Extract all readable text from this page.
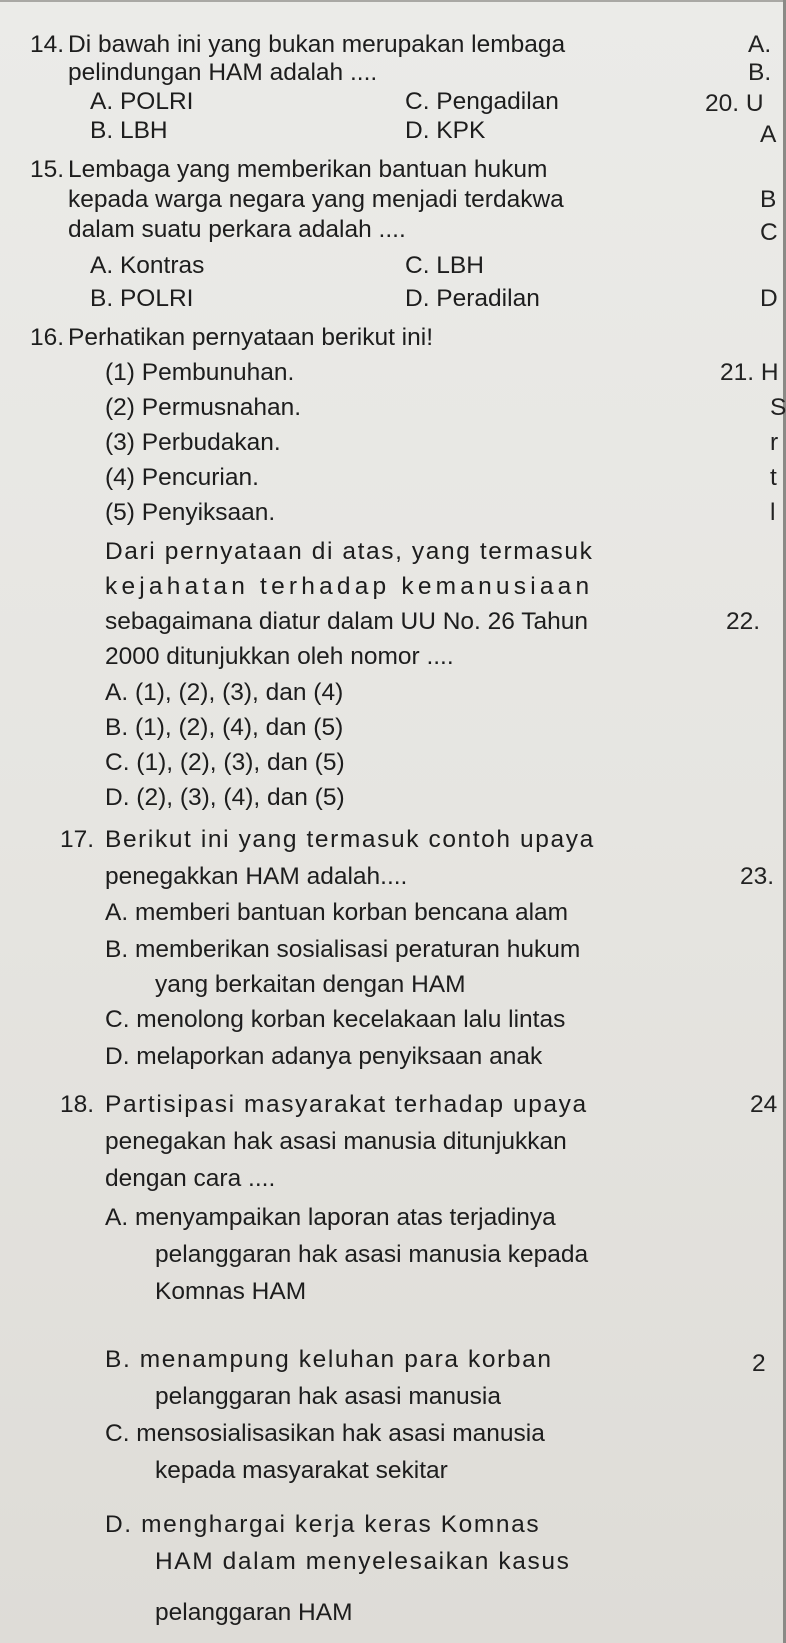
14. Di bawah ini yang bukan merupakan lembaga
pelindungan HAM adalah ....
A. POLRI
B. LBH
C. Pengadilan
D. KPK
15. Lembaga yang memberikan bantuan hukum
kepada warga negara yang menjadi terdakwa
dalam suatu perkara adalah ....
A. Kontras
B. POLRI
C. LBH
D. Peradilan
16. Perhatikan pernyataan berikut ini!
(1) Pembunuhan.
(2) Permusnahan.
(3) Perbudakan.
(4) Pencurian.
(5) Penyiksaan.
Dari pernyataan di atas, yang termasuk
kejahatan terhadap kemanusiaan
sebagaimana diatur dalam UU No. 26 Tahun
2000 ditunjukkan oleh nomor ....
A. (1), (2), (3), dan (4)
B. (1), (2), (4), dan (5)
C. (1), (2), (3), dan (5)
D. (2), (3), (4), dan (5)
17. Berikut ini yang termasuk contoh upaya
penegakkan HAM adalah....
A. memberi bantuan korban bencana alam
B. memberikan sosialisasi peraturan hukum
yang berkaitan dengan HAM
C. menolong korban kecelakaan lalu lintas
D. melaporkan adanya penyiksaan anak
18. Partisipasi masyarakat terhadap upaya
penegakan hak asasi manusia ditunjukkan
dengan cara ....
A. menyampaikan laporan atas terjadinya
pelanggaran hak asasi manusia kepada
Komnas HAM
B. menampung keluhan para korban
pelanggaran hak asasi manusia
C. mensosialisasikan hak asasi manusia
kepada masyarakat sekitar
D. menghargai kerja keras Komnas
HAM dalam menyelesaikan kasus
pelanggaran HAM
A.
B.
20. U
A
B
C
D
21. H
S
r
t
l
22.
23.
24
2
